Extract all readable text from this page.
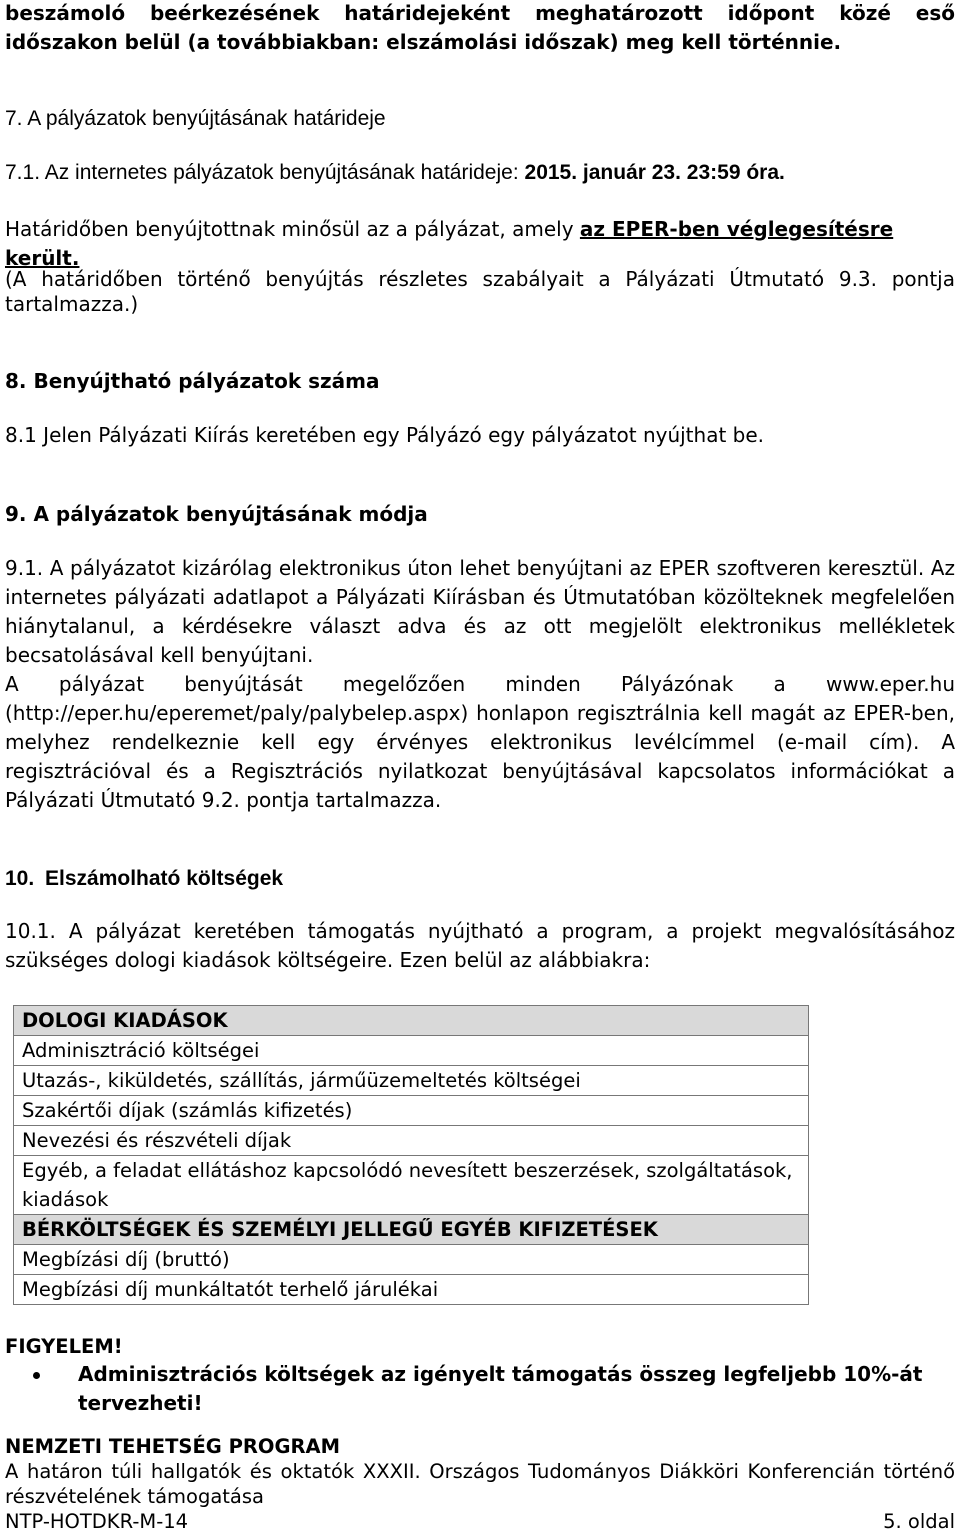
beszámoló beérkezésének határidejeként meghatározott időpont közé eső

időszakon belül (a továbbiakban: elszámolási időszak) meg kell történnie.

7. A pályázatok benyújtásának határideje

7.1. Az internetes pályázatok benyújtásának határideje: 2015. január 23. 23:59 óra.

Határidőben benyújtottnak minősül az a pályázat, amely az EPER-ben véglegesítésre került.

(A határidőben történő benyújtás részletes szabályait a Pályázati Útmutató 9.3. pontja tartalmazza.)

8. Benyújtható pályázatok száma

8.1 Jelen Pályázati Kiírás keretében egy Pályázó egy pályázatot nyújthat be.

9. A pályázatok benyújtásának módja

9.1. A pályázatot kizárólag elektronikus úton lehet benyújtani az EPER szoftveren keresztül. Az internetes pályázati adatlapot a Pályázati Kiírásban és Útmutatóban közölteknek megfelelően hiánytalanul, a kérdésekre választ adva és az ott megjelölt elektronikus mellékletek becsatolásával kell benyújtani.

A pályázat benyújtását megelőzően minden Pályázónak a www.eper.hu (http://eper.hu/eperemet/paly/palybelep.aspx) honlapon regisztrálnia kell magát az EPER-ben, melyhez rendelkeznie kell egy érvényes elektronikus levélcímmel (e-mail cím). A regisztrációval és a Regisztrációs nyilatkozat benyújtásával kapcsolatos információkat a Pályázati Útmutató 9.2. pontja tartalmazza.

10. Elszámolható költségek

10.1. A pályázat keretében támogatás nyújtható a program, a projekt megvalósításához szükséges dologi kiadások költségeire. Ezen belül az alábbiakra:

DOLOGI KIADÁSOK
Adminisztráció költségei
Utazás-, kiküldetés, szállítás, járműüzemeltetés költségei
Szakértői díjak (számlás kifizetés)
Nevezési és részvételi díjak
Egyéb, a feladat ellátáshoz kapcsolódó nevesített beszerzések, szolgáltatások, kiadások
BÉRKÖLTSÉGEK ÉS SZEMÉLYI JELLEGŰ EGYÉB KIFIZETÉSEK
Megbízási díj (bruttó)
Megbízási díj munkáltatót terhelő járulékai

FIGYELEM!

Adminisztrációs költségek az igényelt támogatás összeg legfeljebb 10%-át tervezheti!

NEMZETI TEHETSÉG PROGRAM

A határon túli hallgatók és oktatók XXXII. Országos Tudományos Diákköri Konferencián történő részvételének támogatása

NTP-HOTDKR-M-14	5. oldal
